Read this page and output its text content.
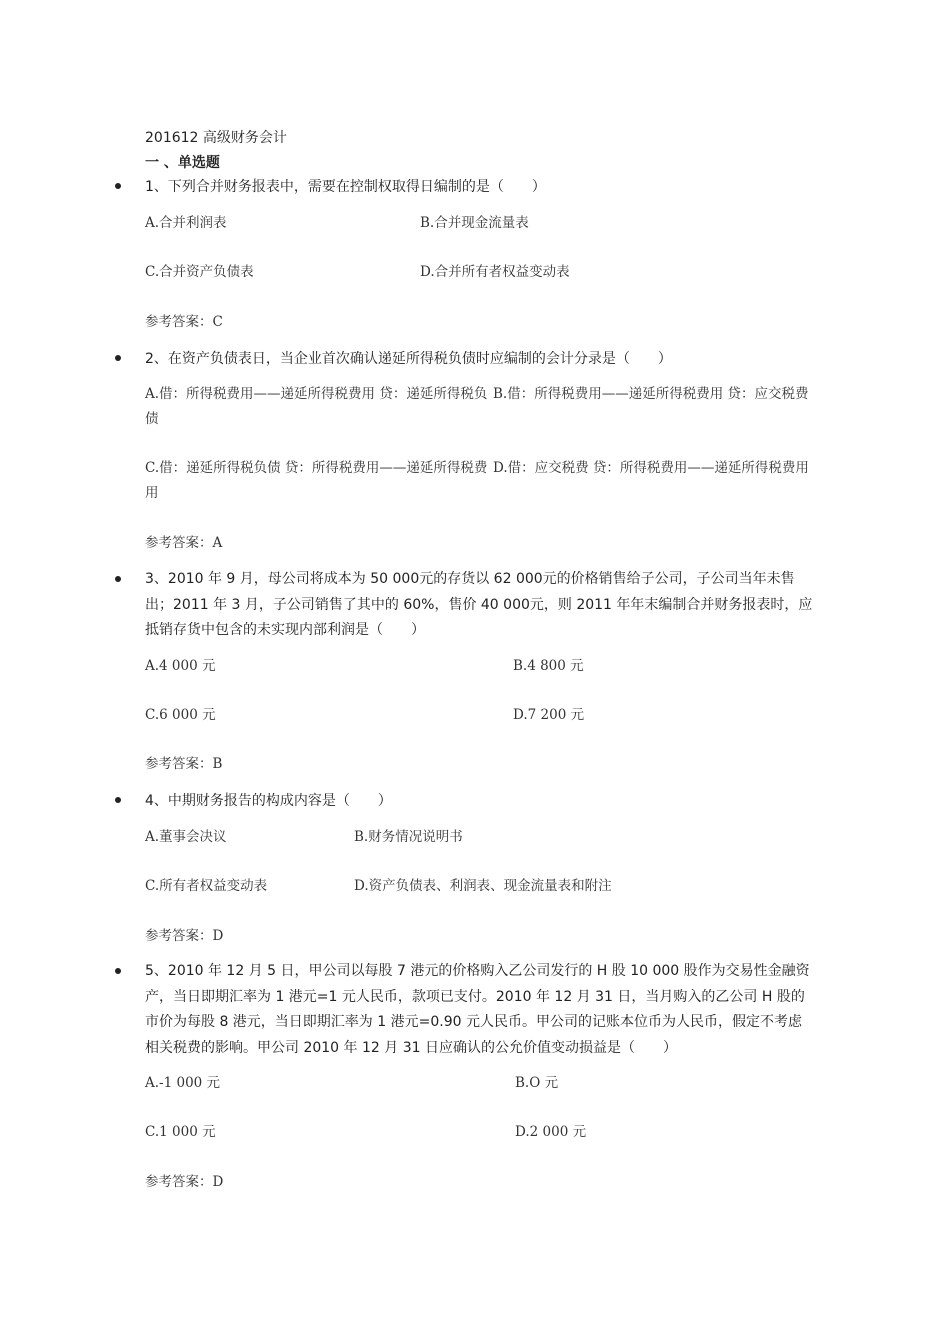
201612 高级财务会计
一 、单选题
1、下列合并财务报表中，需要在控制权取得日编制的是（　　）
A.合并利润表	B.合并现金流量表
C.合并资产负债表	D.合并所有者权益变动表
参考答案：C
2、在资产负债表日，当企业首次确认递延所得税负债时应编制的会计分录是（　　）
A.借：所得税费用——递延所得税费用 贷：递延所得税负债
B.借：所得税费用——递延所得税费用 贷：应交税费
C.借：递延所得税负债 贷：所得税费用——递延所得税费用
D.借：应交税费 贷：所得税费用——递延所得税费用
参考答案：A
3、2010 年 9 月，母公司将成本为 50 000元的存货以 62 000元的价格销售给子公司，子公司当年未售出；2011 年 3 月，子公司销售了其中的 60%，售价 40 000元，则 2011 年年末编制合并财务报表时，应抵销存货中包含的未实现内部利润是（　　）
A.4 000 元	B.4 800 元
C.6 000 元	D.7 200 元
参考答案：B
4、中期财务报告的构成内容是（　　）
A.董事会决议	B.财务情况说明书
C.所有者权益变动表	D.资产负债表、利润表、现金流量表和附注
参考答案：D
5、2010 年 12 月 5 日，甲公司以每股 7 港元的价格购入乙公司发行的 H 股 10 000 股作为交易性金融资产，当日即期汇率为 1 港元=1 元人民币，款项已支付。2010 年 12 月 31 日，当月购入的乙公司 H 股的市价为每股 8 港元，当日即期汇率为 1 港元=0.90 元人民币。甲公司的记账本位币为人民币，假定不考虑相关税费的影响。甲公司 2010 年 12 月 31 日应确认的公允价值变动损益是（　　）
A.-1 000 元	B.O 元
C.1 000 元	D.2 000 元
参考答案：D
